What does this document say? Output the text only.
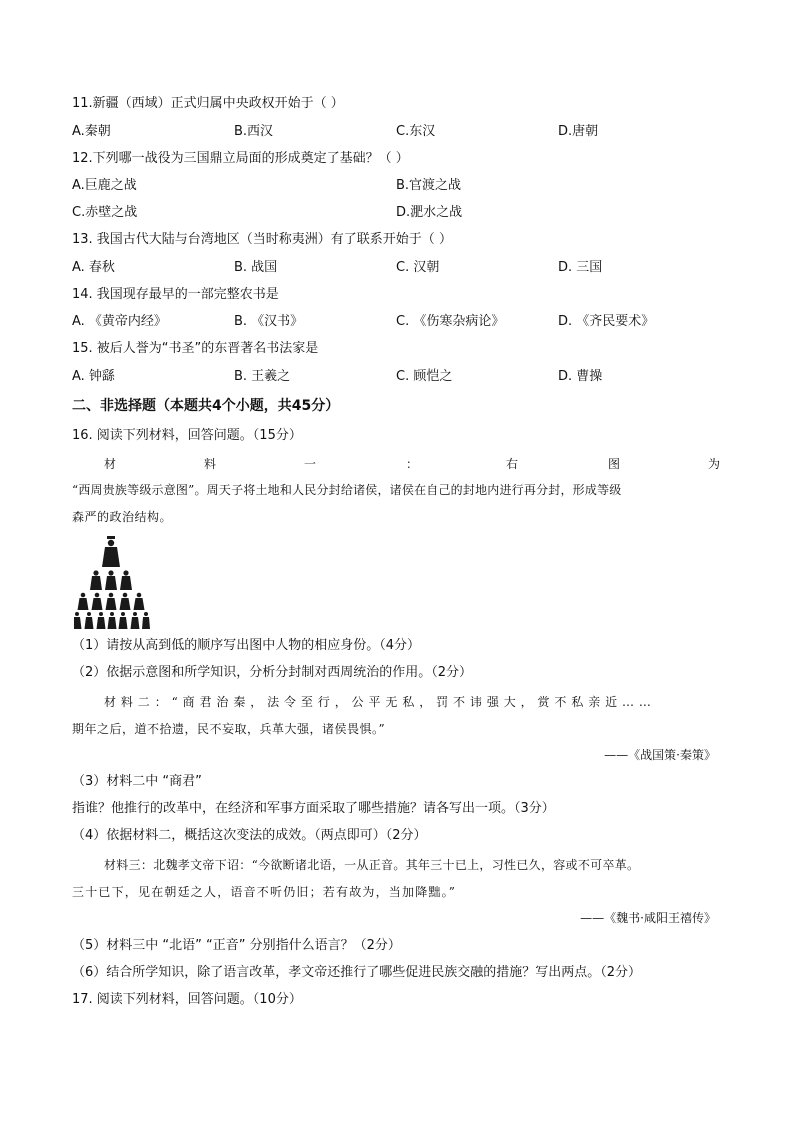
11.新疆（西域）正式归属中央政权开始于（ ）
A.秦朝	B.西汉	C.东汉	D.唐朝
12.下列哪一战役为三国鼎立局面的形成奠定了基础？（ ）
A.巨鹿之战	B.官渡之战
C.赤壁之战	D.淝水之战
13. 我国古代大陆与台湾地区（当时称夷洲）有了联系开始于（ ）
A. 春秋	B. 战国	C. 汉朝	D. 三国
14. 我国现存最早的一部完整农书是
A. 《黄帝内经》	B. 《汉书》	C. 《伤寒杂病论》	D. 《齐民要术》
15. 被后人誉为“书圣”的东晋著名书法家是
A. 钟繇	B. 王羲之	C. 顾恺之	D. 曹操
二、非选择题（本题共4个小题，共45分）
16. 阅读下列材料，回答问题。（15分）
材	料	一	：	右	图	为
“西周贵族等级示意图”。周天子将土地和人民分封给诸侯，诸侯在自己的封地内进行再分封，形成等级
森严的政治结构。
（1）请按从高到低的顺序写出图中人物的相应身份。（4分）
（2）依据示意图和所学知识，分析分封制对西周统治的作用。（2分）
材料二：“商君治秦，法令至行，公平无私，罚不讳强大，赏不私亲近……
期年之后，道不拾遗，民不妄取，兵革大强，诸侯畏惧。”
——《战国策·秦策》
（3）材料二中 “商君”
指谁？他推行的改革中，在经济和军事方面采取了哪些措施？请各写出一项。（3分）
（4）依据材料二，概括这次变法的成效。（两点即可）（2分）
材料三：北魏孝文帝下诏：“今欲断诸北语，一从正音。其年三十已上，习性已久，容或不可卒革。
三十已下，见在朝廷之人，语音不听仍旧；若有故为，当加降黜。”
——《魏书·咸阳王禧传》
（5）材料三中 “北语” “正音” 分别指什么语言？（2分）
（6）结合所学知识，除了语言改革，孝文帝还推行了哪些促进民族交融的措施？写出两点。（2分）
17. 阅读下列材料，回答问题。（10分）
